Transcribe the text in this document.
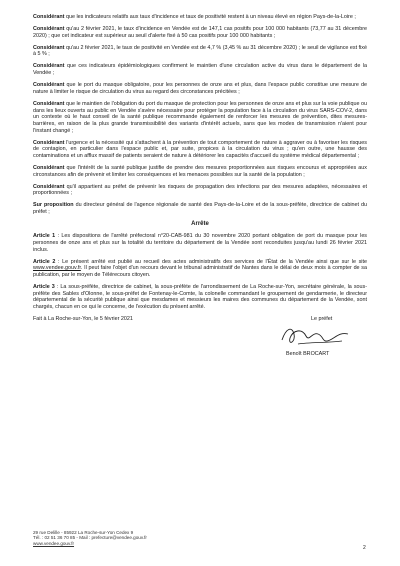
Considérant que les indicateurs relatifs aux taux d'incidence et taux de positivité restent à un niveau élevé en région Pays-de-la-Loire ;

Considérant qu'au 2 février 2021, le taux d'incidence en Vendée est de 147,1 cas positifs pour 100 000 habitants (73,77 au 31 décembre 2020) ; que cet indicateur est supérieur au seuil d'alerte fixé à 50 cas positifs pour 100 000 habitants ;

Considérant qu'au 2 février 2021, le taux de positivité en Vendée est de 4,7 % (3,45 % au 31 décembre 2020) ; le seuil de vigilance est fixé à 5 % ;

Considérant que ces indicateurs épidémiologiques confirment le maintien d'une circulation active du virus dans le département de la Vendée ;

Considérant que le port du masque obligatoire, pour les personnes de onze ans et plus, dans l'espace public constitue une mesure de nature à limiter le risque de circulation du virus au regard des circonstances précitées ;

Considérant que le maintien de l'obligation du port du masque de protection pour les personnes de onze ans et plus sur la voie publique ou dans les lieux ouverts au public en Vendée s'avère nécessaire pour protéger la population face à la circulation du virus SARS-COV-2, dans un contexte où le haut conseil de la santé publique recommande également de renforcer les mesures de prévention, dites mesures-barrières, en raison de la plus grande transmissibilité des variants d'intérêt actuels, sans que les modes de transmission n'aient pour l'instant changé ;

Considérant l'urgence et la nécessité qui s'attachent à la prévention de tout comportement de nature à aggraver ou à favoriser les risques de contagion, en particulier dans l'espace public et, par suite, propices à la circulation du virus ; qu'en outre, une hausse des contaminations et un afflux massif de patients seraient de nature à détériorer les capacités d'accueil du système médical départemental ;

Considérant que l'intérêt de la santé publique justifie de prendre des mesures proportionnées aux risques encourus et appropriées aux circonstances afin de prévenir et limiter les conséquences et les menaces possibles sur la santé de la population ;

Considérant qu'il appartient au préfet de prévenir les risques de propagation des infections par des mesures adaptées, nécessaires et proportionnées ;

Sur proposition du directeur général de l'agence régionale de santé des Pays-de-la-Loire et de la sous-préfète, directrice de cabinet du préfet ;

Arrête

Article 1 : Les dispositions de l'arrêté préfectoral n°20-CAB-981 du 30 novembre 2020 portant obligation de port du masque pour les personnes de onze ans et plus sur la totalité du territoire du département de la Vendée sont reconduites jusqu'au lundi 26 février 2021 inclus.

Article 2 : Le présent arrêté est publié au recueil des actes administratifs des services de l'État de la Vendée ainsi que sur le site www.vendee.gouv.fr. Il peut faire l'objet d'un recours devant le tribunal administratif de Nantes dans le délai de deux mois à compter de sa publication, par le moyen de Télérecours citoyen.

Article 3 : La sous-préfète, directrice de cabinet, la sous-préfète de l'arrondissement de La Roche-sur-Yon, secrétaire générale, la sous-préfète des Sables d'Olonne, le sous-préfet de Fontenay-le-Comte, la colonelle commandant le groupement de gendarmerie, le directeur départemental de la sécurité publique ainsi que mesdames et messieurs les maires des communes du département de la Vendée, sont chargés, chacun en ce qui le concerne, de l'exécution du présent arrêté.

Fait à La Roche-sur-Yon, le 5 février 2021	Le préfet
Benoît BROCART
29 rue Delille - 85922 La Roche-sur-Yon Cedex 9
Tél. : 02 51 36 70 85 - Mail : prefecture@vendee.gouv.fr
www.vendee.gouv.fr
2
